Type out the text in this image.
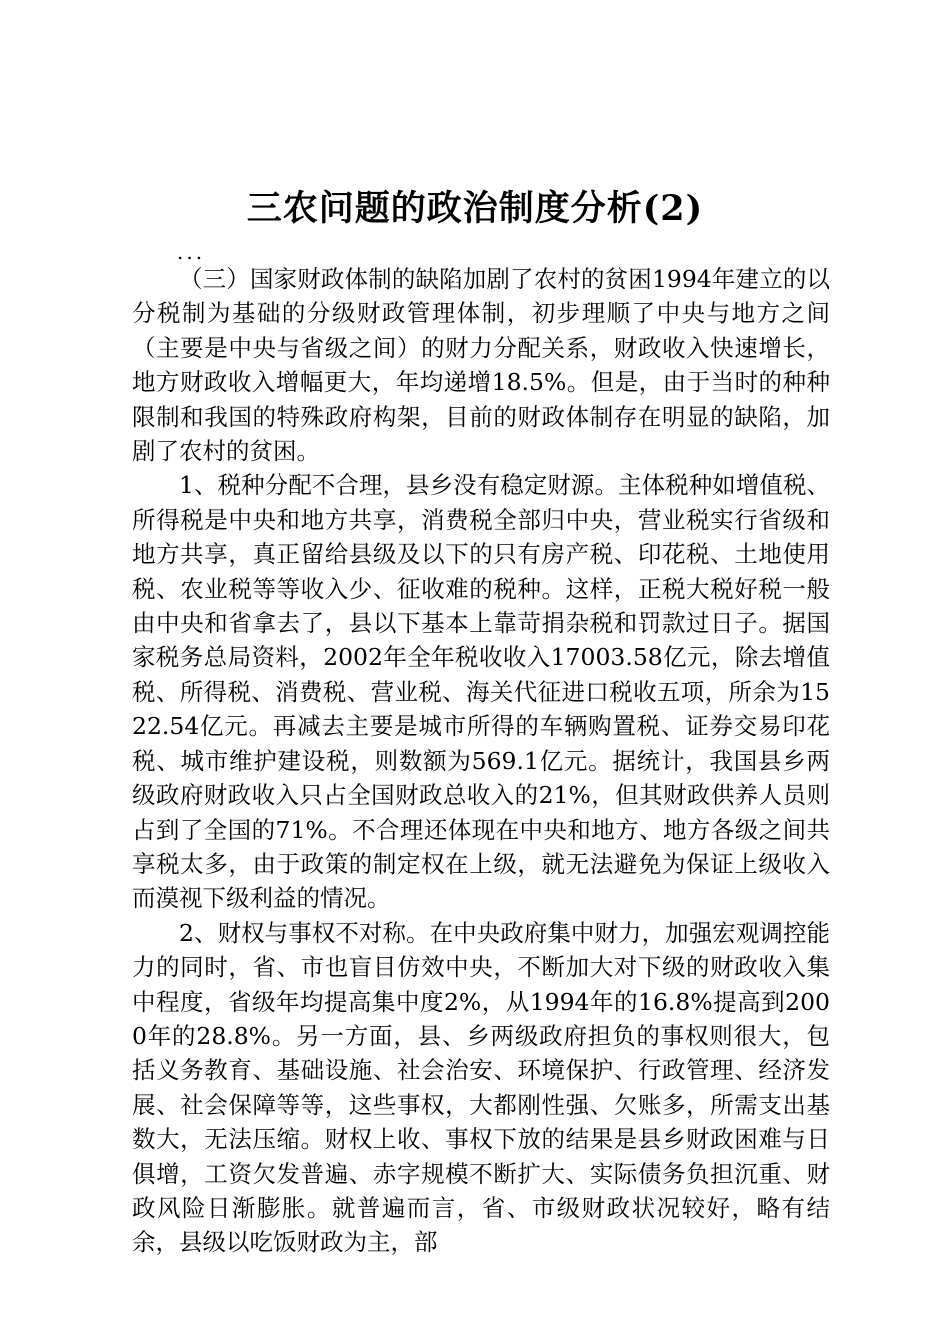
三农问题的政治制度分析(2)
...

（三）国家财政体制的缺陷加剧了农村的贫困1994年建立的以分税制为基础的分级财政管理体制，初步理顺了中央与地方之间（主要是中央与省级之间）的财力分配关系，财政收入快速增长，地方财政收入增幅更大，年均递增18.5%。但是，由于当时的种种限制和我国的特殊政府构架，目前的财政体制存在明显的缺陷，加剧了农村的贫困。

1、税种分配不合理，县乡没有稳定财源。主体税种如增值税、所得税是中央和地方共享，消费税全部归中央，营业税实行省级和地方共享，真正留给县级及以下的只有房产税、印花税、土地使用税、农业税等等收入少、征收难的税种。这样，正税大税好税一般由中央和省拿去了，县以下基本上靠苛捐杂税和罚款过日子。据国家税务总局资料，2002年全年税收收入17003.58亿元，除去增值税、所得税、消费税、营业税、海关代征进口税收五项，所余为1522.54亿元。再减去主要是城市所得的车辆购置税、证券交易印花税、城市维护建设税，则数额为569.1亿元。据统计，我国县乡两级政府财政收入只占全国财政总收入的21%，但其财政供养人员则占到了全国的71%。不合理还体现在中央和地方、地方各级之间共享税太多，由于政策的制定权在上级，就无法避免为保证上级收入而漠视下级利益的情况。

2、财权与事权不对称。在中央政府集中财力，加强宏观调控能力的同时，省、市也盲目仿效中央，不断加大对下级的财政收入集中程度，省级年均提高集中度2%，从1994年的16.8%提高到2000年的28.8%。另一方面，县、乡两级政府担负的事权则很大，包括义务教育、基础设施、社会治安、环境保护、行政管理、经济发展、社会保障等等，这些事权，大都刚性强、欠账多，所需支出基数大，无法压缩。财权上收、事权下放的结果是县乡财政困难与日俱增，工资欠发普遍、赤字规模不断扩大、实际债务负担沉重、财政风险日渐膨胀。就普遍而言，省、市级财政状况较好，略有结余，县级以吃饭财政为主，部
